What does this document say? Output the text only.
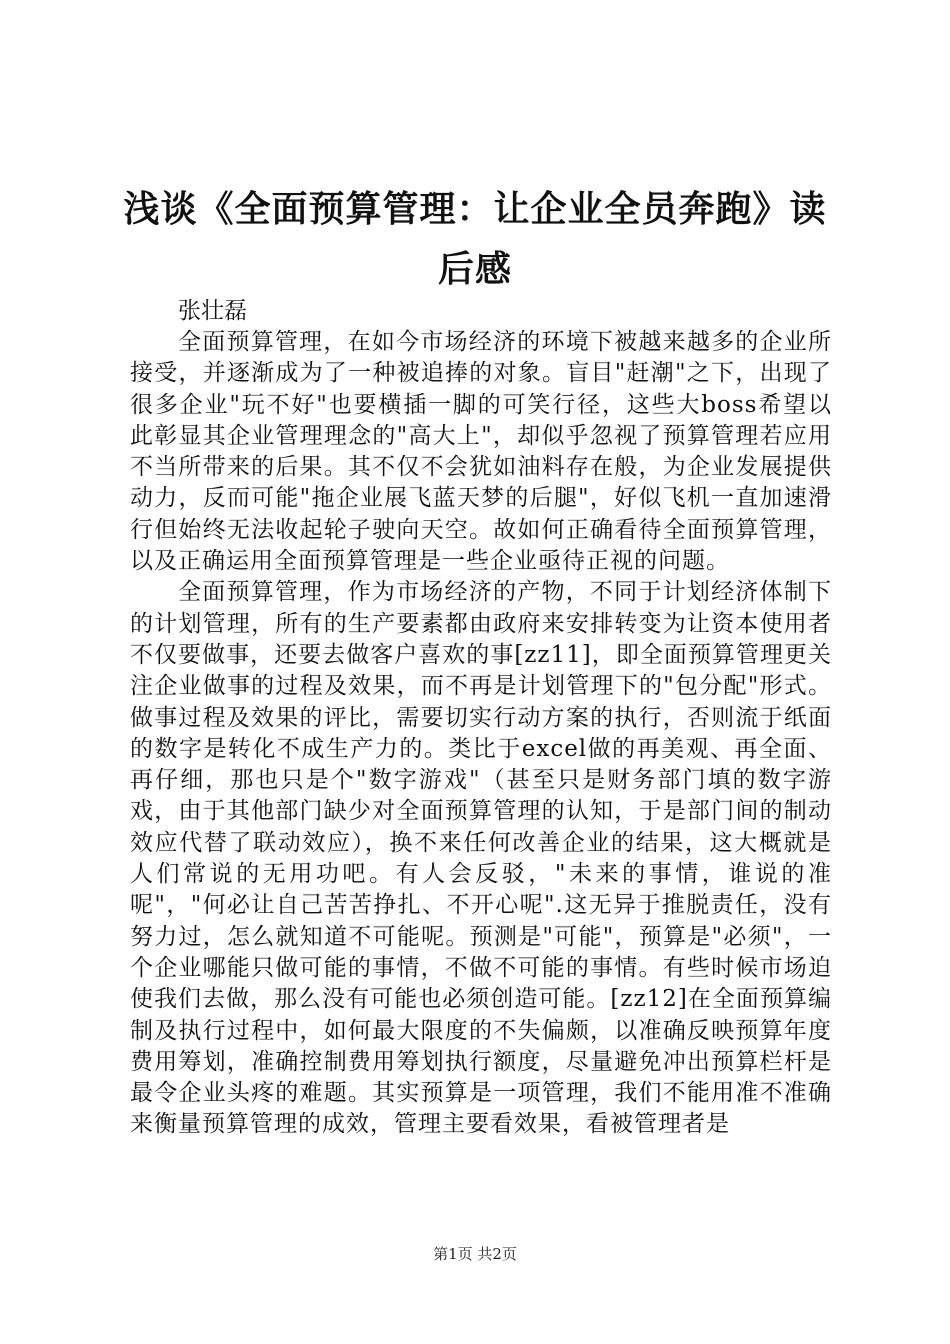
浅谈《全面预算管理：让企业全员奔跑》读后感

张壮磊

全面预算管理，在如今市场经济的环境下被越来越多的企业所接受，并逐渐成为了一种被追捧的对象。盲目"赶潮"之下，出现了很多企业"玩不好"也要横插一脚的可笑行径，这些大boss希望以此彰显其企业管理理念的"高大上"，却似乎忽视了预算管理若应用不当所带来的后果。其不仅不会犹如油料存在般，为企业发展提供动力，反而可能"拖企业展飞蓝天梦的后腿"，好似飞机一直加速滑行但始终无法收起轮子驶向天空。故如何正确看待全面预算管理，以及正确运用全面预算管理是一些企业亟待正视的问题。

全面预算管理，作为市场经济的产物，不同于计划经济体制下的计划管理，所有的生产要素都由政府来安排转变为让资本使用者不仅要做事，还要去做客户喜欢的事[zz11]，即全面预算管理更关注企业做事的过程及效果，而不再是计划管理下的"包分配"形式。做事过程及效果的评比，需要切实行动方案的执行，否则流于纸面的数字是转化不成生产力的。类比于excel做的再美观、再全面、再仔细，那也只是个"数字游戏"（甚至只是财务部门填的数字游戏，由于其他部门缺少对全面预算管理的认知，于是部门间的制动效应代替了联动效应），换不来任何改善企业的结果，这大概就是人们常说的无用功吧。有人会反驳，"未来的事情，谁说的准呢"，"何必让自己苦苦挣扎、不开心呢".这无异于推脱责任，没有努力过，怎么就知道不可能呢。预测是"可能"，预算是"必须"，一个企业哪能只做可能的事情，不做不可能的事情。有些时候市场迫使我们去做，那么没有可能也必须创造可能。[zz12]在全面预算编制及执行过程中，如何最大限度的不失偏颇，以准确反映预算年度费用筹划，准确控制费用筹划执行额度，尽量避免冲出预算栏杆是最令企业头疼的难题。其实预算是一项管理，我们不能用准不准确来衡量预算管理的成效，管理主要看效果，看被管理者是

第1页 共2页
